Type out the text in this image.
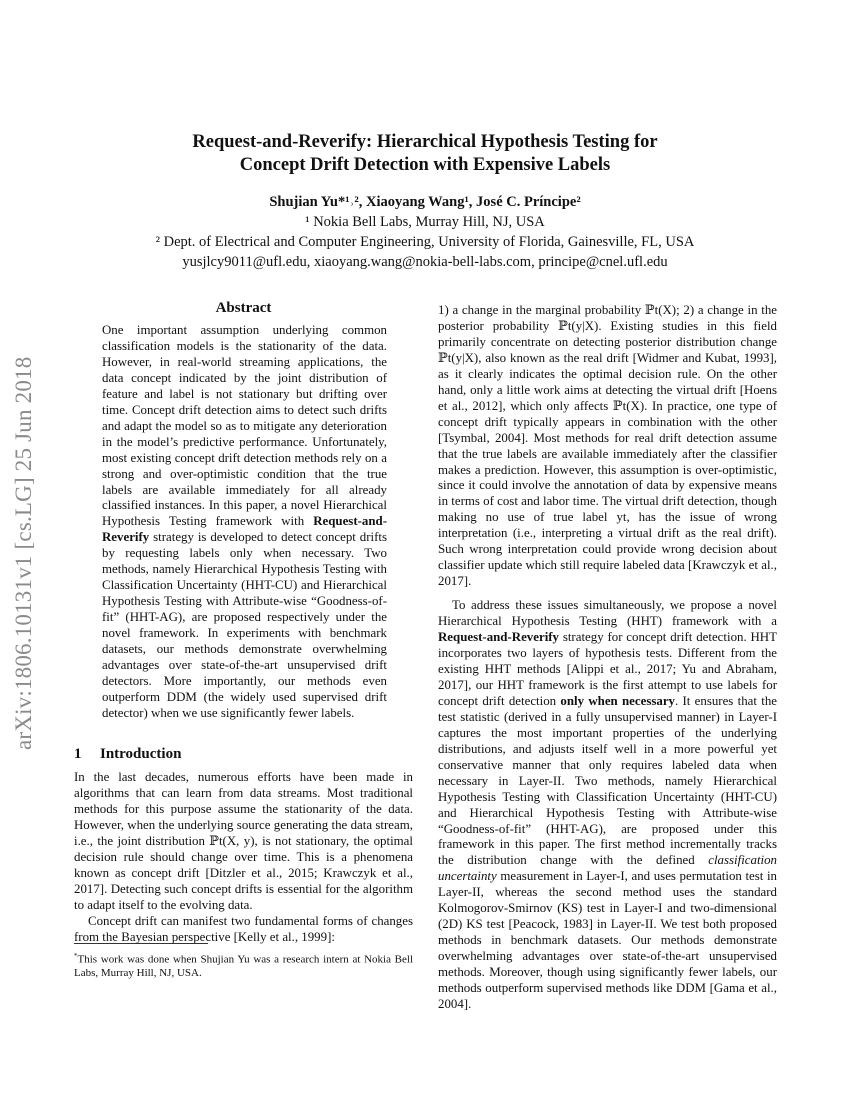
Request-and-Reverify: Hierarchical Hypothesis Testing for
Concept Drift Detection with Expensive Labels
Shujian Yu*¹˒², Xiaoyang Wang¹, José C. Príncipe²
¹ Nokia Bell Labs, Murray Hill, NJ, USA
² Dept. of Electrical and Computer Engineering, University of Florida, Gainesville, FL, USA
yusjlcy9011@ufl.edu, xiaoyang.wang@nokia-bell-labs.com, principe@cnel.ufl.edu
arXiv:1806.10131v1 [cs.LG] 25 Jun 2018
Abstract

One important assumption underlying common classification models is the stationarity of the data. However, in real-world streaming applications, the data concept indicated by the joint distribution of feature and label is not stationary but drifting over time. Concept drift detection aims to detect such drifts and adapt the model so as to mitigate any deterioration in the model’s predictive performance. Unfortunately, most existing concept drift detection methods rely on a strong and over-optimistic condition that the true labels are available immediately for all already classified instances. In this paper, a novel Hierarchical Hypothesis Testing framework with Request-and-Reverify strategy is developed to detect concept drifts by requesting labels only when necessary. Two methods, namely Hierarchical Hypothesis Testing with Classification Uncertainty (HHT-CU) and Hierarchical Hypothesis Testing with Attribute-wise “Goodness-of-fit” (HHT-AG), are proposed respectively under the novel framework. In experiments with benchmark datasets, our methods demonstrate overwhelming advantages over state-of-the-art unsupervised drift detectors. More importantly, our methods even outperform DDM (the widely used supervised drift detector) when we use significantly fewer labels.

1 Introduction

In the last decades, numerous efforts have been made in algorithms that can learn from data streams. Most traditional methods for this purpose assume the stationarity of the data. However, when the underlying source generating the data stream, i.e., the joint distribution ℙt(X, y), is not stationary, the optimal decision rule should change over time. This is a phenomena known as concept drift [Ditzler et al., 2015; Krawczyk et al., 2017]. Detecting such concept drifts is essential for the algorithm to adapt itself to the evolving data.

Concept drift can manifest two fundamental forms of changes from the Bayesian perspective [Kelly et al., 1999]:

*This work was done when Shujian Yu was a research intern at Nokia Bell Labs, Murray Hill, NJ, USA.

1) a change in the marginal probability ℙt(X); 2) a change in the posterior probability ℙt(y|X). Existing studies in this field primarily concentrate on detecting posterior distribution change ℙt(y|X), also known as the real drift [Widmer and Kubat, 1993], as it clearly indicates the optimal decision rule. On the other hand, only a little work aims at detecting the virtual drift [Hoens et al., 2012], which only affects ℙt(X). In practice, one type of concept drift typically appears in combination with the other [Tsymbal, 2004]. Most methods for real drift detection assume that the true labels are available immediately after the classifier makes a prediction. However, this assumption is over-optimistic, since it could involve the annotation of data by expensive means in terms of cost and labor time. The virtual drift detection, though making no use of true label yt, has the issue of wrong interpretation (i.e., interpreting a virtual drift as the real drift). Such wrong interpretation could provide wrong decision about classifier update which still require labeled data [Krawczyk et al., 2017].

To address these issues simultaneously, we propose a novel Hierarchical Hypothesis Testing (HHT) framework with a Request-and-Reverify strategy for concept drift detection. HHT incorporates two layers of hypothesis tests. Different from the existing HHT methods [Alippi et al., 2017; Yu and Abraham, 2017], our HHT framework is the first attempt to use labels for concept drift detection only when necessary. It ensures that the test statistic (derived in a fully unsupervised manner) in Layer-I captures the most important properties of the underlying distributions, and adjusts itself well in a more powerful yet conservative manner that only requires labeled data when necessary in Layer-II. Two methods, namely Hierarchical Hypothesis Testing with Classification Uncertainty (HHT-CU) and Hierarchical Hypothesis Testing with Attribute-wise “Goodness-of-fit” (HHT-AG), are proposed under this framework in this paper. The first method incrementally tracks the distribution change with the defined classification uncertainty measurement in Layer-I, and uses permutation test in Layer-II, whereas the second method uses the standard Kolmogorov-Smirnov (KS) test in Layer-I and two-dimensional (2D) KS test [Peacock, 1983] in Layer-II. We test both proposed methods in benchmark datasets. Our methods demonstrate overwhelming advantages over state-of-the-art unsupervised methods. Moreover, though using significantly fewer labels, our methods outperform supervised methods like DDM [Gama et al., 2004].
